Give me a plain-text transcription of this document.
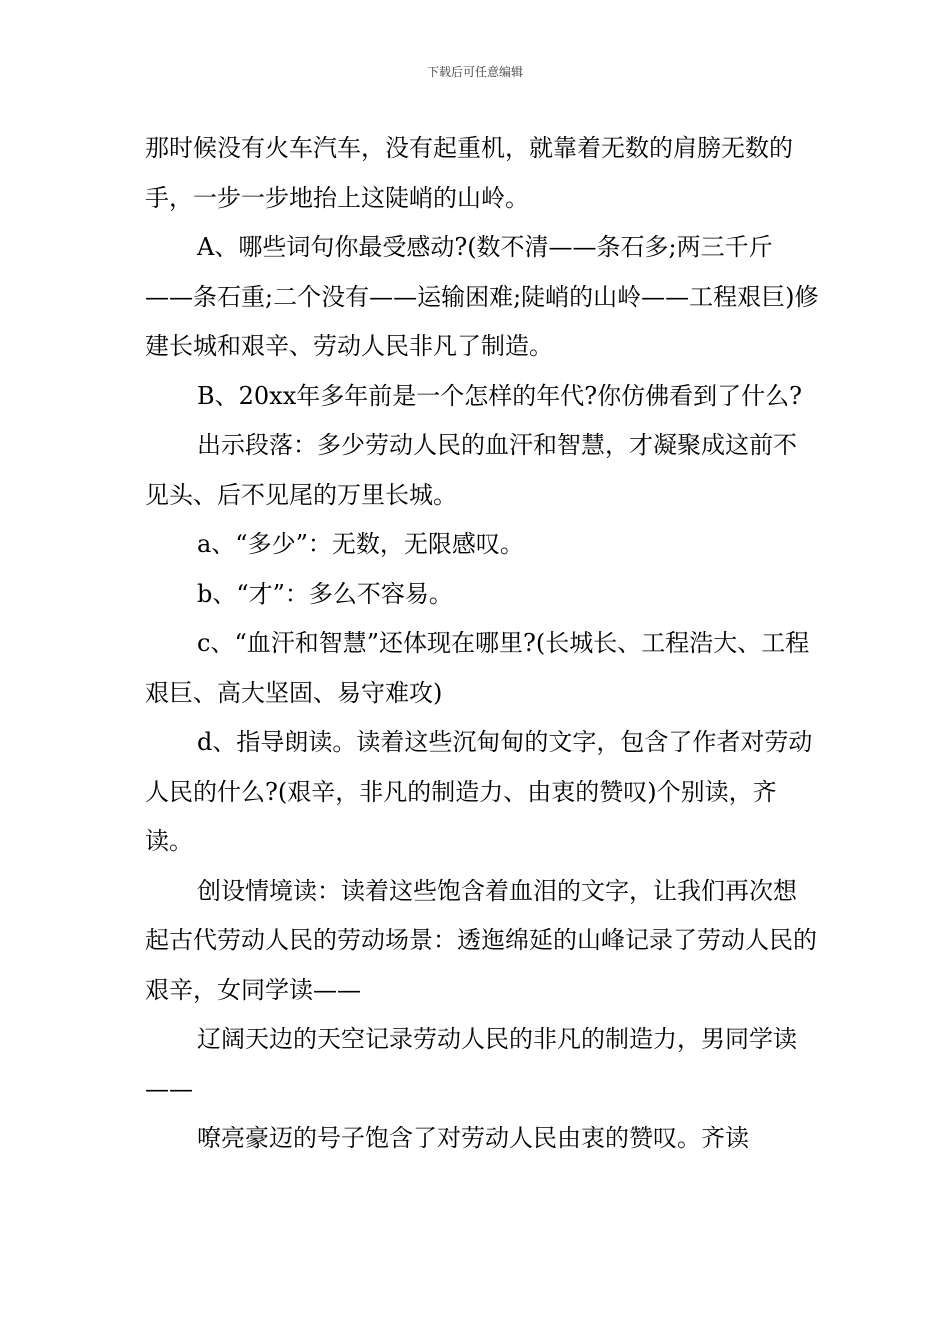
下载后可任意编辑

那时候没有火车汽车，没有起重机，就靠着无数的肩膀无数的手，一步一步地抬上这陡峭的山岭。

A、哪些词句你最受感动?(数不清——条石多;两三千斤——条石重;二个没有——运输困难;陡峭的山岭——工程艰巨)修建长城和艰辛、劳动人民非凡了制造。

B、20xx年多年前是一个怎样的年代?你仿佛看到了什么?

出示段落：多少劳动人民的血汗和智慧，才凝聚成这前不见头、后不见尾的万里长城。

a、“多少”：无数，无限感叹。

b、“才”：多么不容易。

c、“血汗和智慧”还体现在哪里?(长城长、工程浩大、工程艰巨、高大坚固、易守难攻)

d、指导朗读。读着这些沉甸甸的文字，包含了作者对劳动人民的什么?(艰辛，非凡的制造力、由衷的赞叹)个别读，齐读。

创设情境读：读着这些饱含着血泪的文字，让我们再次想起古代劳动人民的劳动场景：透迤绵延的山峰记录了劳动人民的艰辛，女同学读——

辽阔天边的天空记录劳动人民的非凡的制造力，男同学读——

嘹亮豪迈的号子饱含了对劳动人民由衷的赞叹。齐读
